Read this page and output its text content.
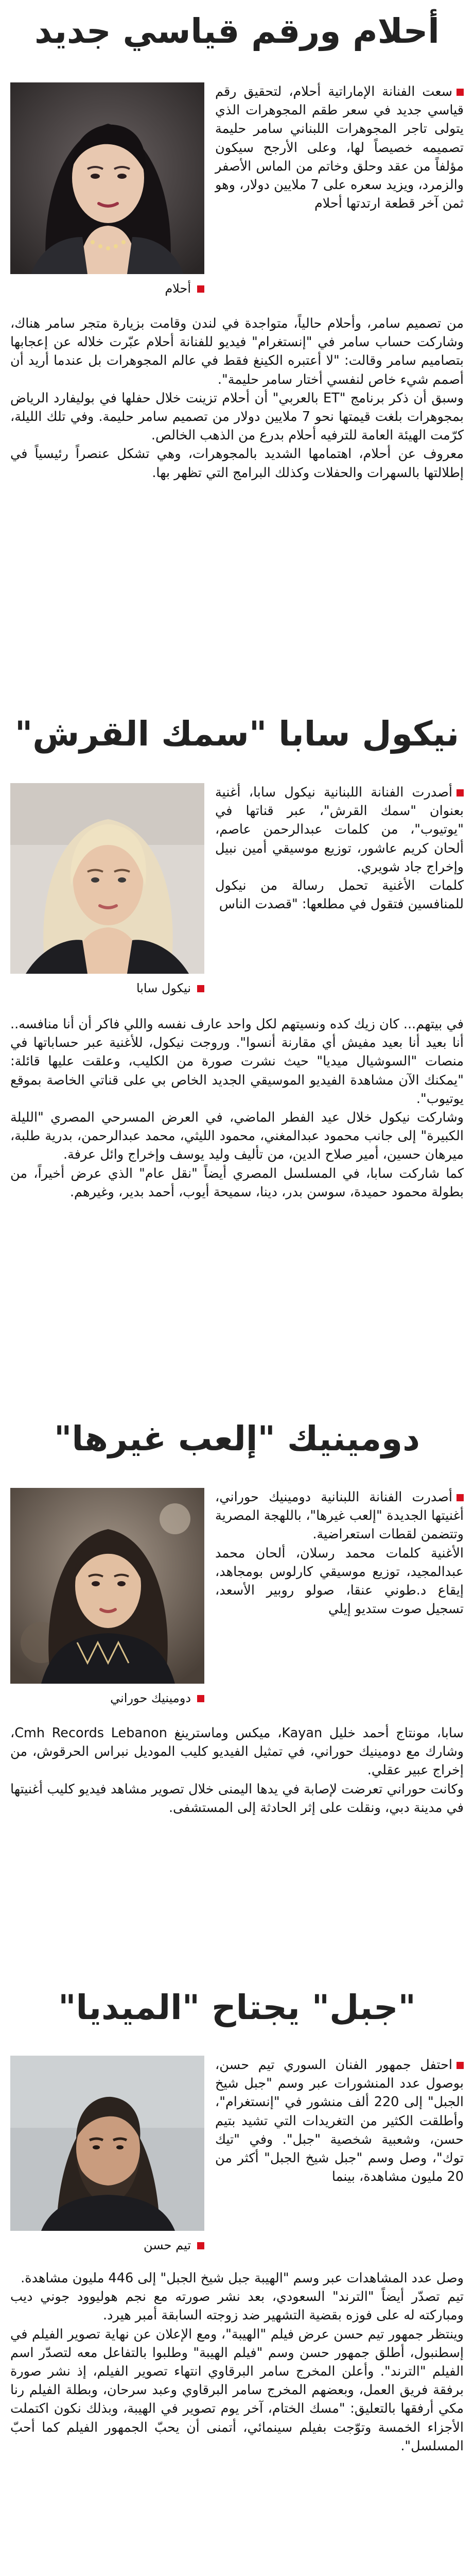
أحلام ورقم قياسي جديد
أحلام

سعت الفنانة الإماراتية أحلام، لتحقيق رقم قياسي جديد في سعر طقم المجوهرات الذي يتولى تاجر المجوهرات اللبناني سامر حليمة تصميمه خصيصاً لها، وعلى الأرجح سيكون مؤلفاً من عقد وحلق وخاتم من الماس الأصفر والزمرد، ويزيد سعره على 7 ملايين دولار، وهو ثمن آخر قطعة ارتدتها أحلام

من تصميم سامر، وأحلام حالياً، متواجدة في لندن وقامت بزيارة متجر سامر هناك، وشاركت حساب سامر في "إنستغرام" فيديو للفنانة أحلام عبّرت خلاله عن إعجابها بتصاميم سامر وقالت: "لا أعتبره الكينغ فقط في عالم المجوهرات بل عندما أريد أن أصمم شيء خاص لنفسي أختار سامر حليمة".

وسبق أن ذكر برنامج "ET بالعربي" أن أحلام تزينت خلال حفلها في بوليفارد الرياض بمجوهرات بلغت قيمتها نحو 7 ملايين دولار من تصميم سامر حليمة. وفي تلك الليلة، كرّمت الهيئة العامة للترفيه أحلام بدرع من الذهب الخالص.

معروف عن أحلام، اهتمامها الشديد بالمجوهرات، وهي تشكل عنصراً رئيسياً في إطلالتها بالسهرات والحفلات وكذلك البرامج التي تظهر بها.

نيكول سابا "سمك القرش"
نيكول سابا

أصدرت الفنانة اللبنانية نيكول سابا، أغنية بعنوان "سمك القرش"، عبر قناتها في "يوتيوب"، من كلمات عبدالرحمن عاصم، ألحان كريم عاشور، توزيع موسيقي أمين نبيل وإخراج جاد شويري.

كلمات الأغنية تحمل رسالة من نيكول للمنافسين فتقول في مطلعها: "قصدت الناس

في بيتهم... كان زيك كده ونسيتهم لكل واحد عارف نفسه واللي فاكر أن أنا منافسه.. أنا بعيد أنا بعيد مفيش أي مقارنة أنسوا". وروجت نيكول، للأغنية عبر حساباتها في منصات "السوشيال ميديا" حيث نشرت صورة من الكليب، وعلقت عليها قائلة: "يمكنك الآن مشاهدة الفيديو الموسيقي الجديد الخاص بي على قناتي الخاصة بموقع يوتيوب".

وشاركت نيكول خلال عيد الفطر الماضي، في العرض المسرحي المصري "الليلة الكبيرة" إلى جانب محمود عبدالمغني، محمود الليثي، محمد عبدالرحمن، بدرية طلبة، ميرهان حسين، أمير صلاح الدين، من تأليف وليد يوسف وإخراج وائل عرفة.

كما شاركت سابا، في المسلسل المصري أيضاً "نقل عام" الذي عرض أخيراً، من بطولة محمود حميدة، سوسن بدر، دينا، سميحة أيوب، أحمد بدير، وغيرهم.

دومينيك "إلعب غيرها"
دومينيك حوراني

أصدرت الفنانة اللبنانية دومينيك حوراني، أغنيتها الجديدة "إلعب غيرها"، باللهجة المصرية وتتضمن لقطات استعراضية.

الأغنية كلمات محمد رسلان، ألحان محمد عبدالمجيد، توزيع موسيقي كارلوس بومجاهد، إيقاع د.طوني عنقا، صولو روبير الأسعد، تسجيل صوت ستديو إيلي

سابا، مونتاج أحمد خليل Kayan، ميكس وماسترينغ Cmh Records Lebanon، وشارك مع دومينيك حوراني، في تمثيل الفيديو كليب الموديل نبراس الحرقوش، من إخراج عبير عقلي.

وكانت حوراني تعرضت لإصابة في يدها اليمنى خلال تصوير مشاهد فيديو كليب أغنيتها في مدينة دبي، ونقلت على إثر الحادثة إلى المستشفى.

"جبل" يجتاح "الميديا"
تيم حسن

احتفل جمهور الفنان السوري تيم حسن، بوصول عدد المنشورات عبر وسم "جبل شيخ الجبل" إلى 220 ألف منشور في "إنستغرام"، وأطلقت الكثير من التغريدات التي تشيد بتيم حسن، وشعبية شخصية "جبل". وفي "تيك توك"، وصل وسم "جبل شيخ الجبل" أكثر من 20 مليون مشاهدة، بينما

وصل عدد المشاهدات عبر وسم "الهيبة جبل شيخ الجبل" إلى 446 مليون مشاهدة.

تيم تصدّر أيضاً "الترند" السعودي، بعد نشر صورته مع نجم هوليوود جوني ديب ومباركته له على فوزه بقضية التشهير ضد زوجته السابقة أمبر هيرد.

وينتظر جمهور تيم حسن عرض فيلم "الهيبة"، ومع الإعلان عن نهاية تصوير الفيلم في إسطنبول، أطلق جمهور حسن وسم "فيلم الهيبة" وطلبوا بالتفاعل معه لتصدّر اسم الفيلم "الترند". وأعلن المخرج سامر البرقاوي انتهاء تصوير الفيلم، إذ نشر صورة برفقة فريق العمل، وبعضهم المخرج سامر البرقاوي وعبد سرحان، وبطلة الفيلم رنا مكي أرفقها بالتعليق: "مسك الختام، آخر يوم تصوير في الهيبة، وبذلك نكون اكتملت الأجزاء الخمسة وتوّجت بفيلم سينمائي، أتمنى أن يحبّ الجمهور الفيلم كما أحبّ المسلسل".
